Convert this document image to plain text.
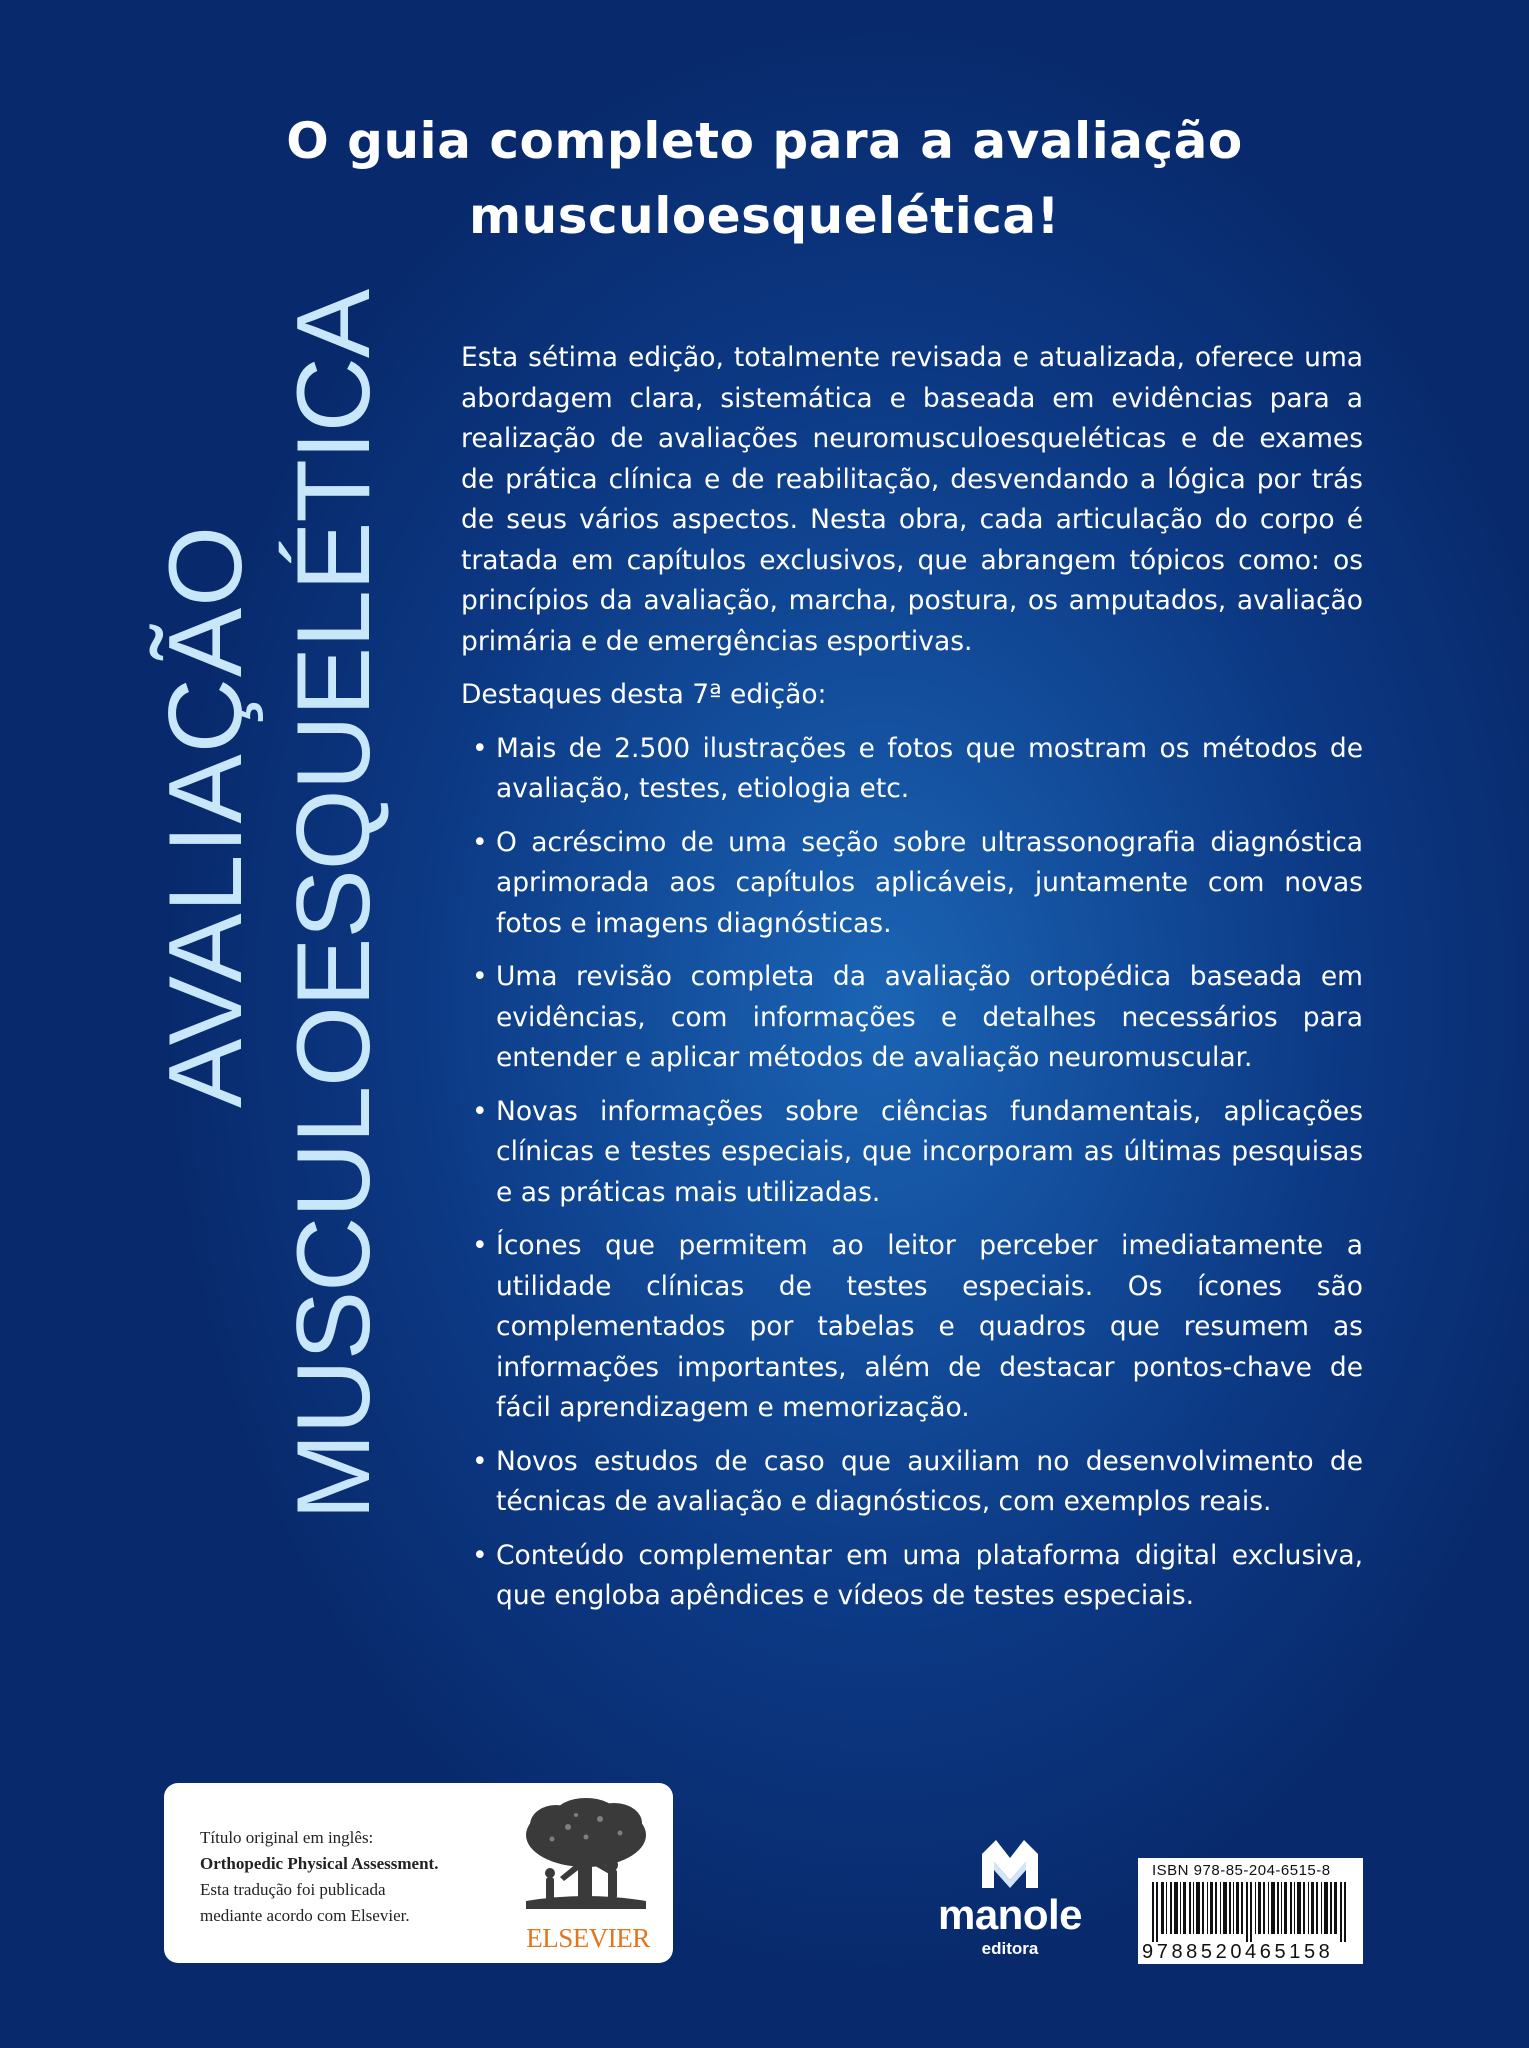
O guia completo para a avaliação
musculoesquelética!
AVALIAÇÃO MUSCULOESQUELÉTICA	Esta sétima edição, totalmente revisada e atualizada, oferece uma abordagem clara, sistemática e baseada em evidências para a realização de avaliações neuromusculoesqueléticas e de exames de prática clínica e de reabilitação, desvendando a lógica por trás de seus vários aspectos. Nesta obra, cada articulação do corpo é tratada em capítulos exclusivos, que abrangem tópicos como: os princípios da avaliação, marcha, postura, os amputados, avaliação primária e de emergências esportivas.

Destaques desta 7ª edição:

• Mais de 2.500 ilustrações e fotos que mostram os métodos de avaliação, testes, etiologia etc.
• O acréscimo de uma seção sobre ultrassonografia diagnóstica aprimorada aos capítulos aplicáveis, juntamente com novas fotos e imagens diagnósticas.
• Uma revisão completa da avaliação ortopédica baseada em evidências, com informações e detalhes necessários para entender e aplicar métodos de avaliação neuromuscular.
• Novas informações sobre ciências fundamentais, aplicações clínicas e testes especiais, que incorporam as últimas pesquisas e as práticas mais utilizadas.
• Ícones que permitem ao leitor perceber imediatamente a utilidade clínicas de testes especiais. Os ícones são complementados por tabelas e quadros que resumem as informações importantes, além de destacar pontos-chave de fácil aprendizagem e memorização.
• Novos estudos de caso que auxiliam no desenvolvimento de técnicas de avaliação e diagnósticos, com exemplos reais.
• Conteúdo complementar em uma plataforma digital exclusiva, que engloba apêndices e vídeos de testes especiais.
Título original em inglês:
Orthopedic Physical Assessment.
Esta tradução foi publicada
mediante acordo com Elsevier.
ELSEVIER	manole
editora
ISBN 978-85-204-6515-8
9788520465158
